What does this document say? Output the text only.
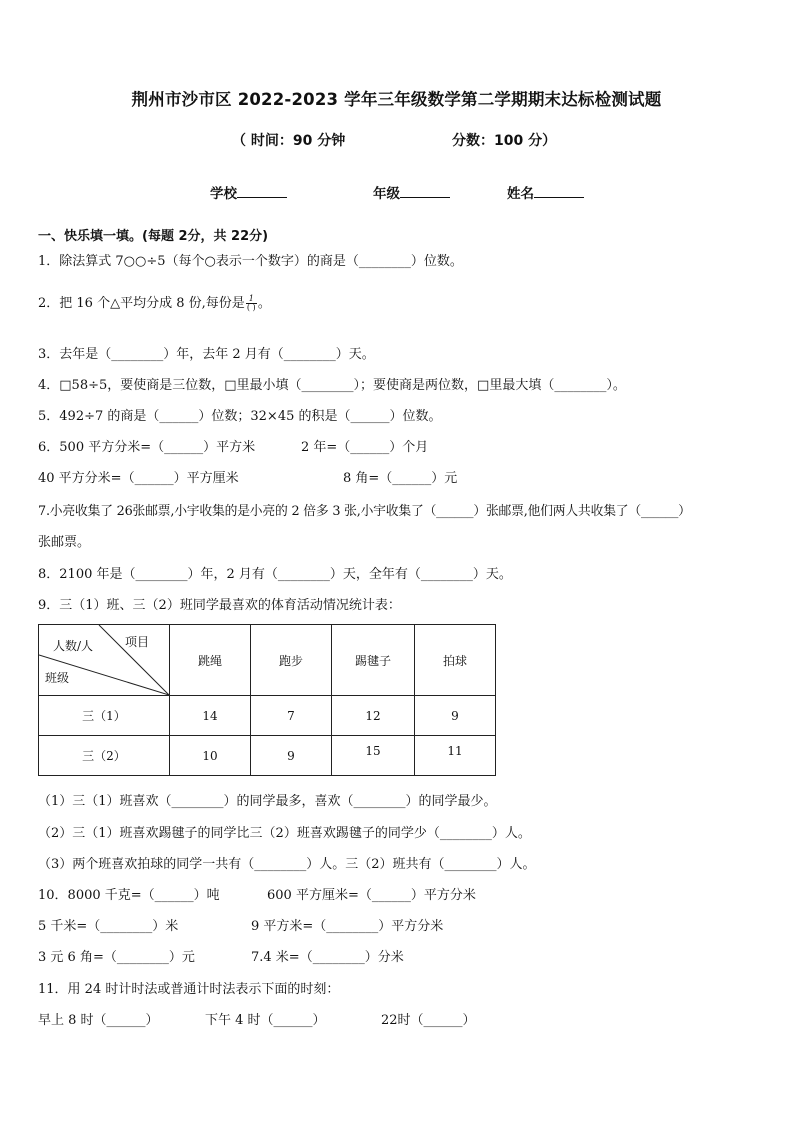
荆州市沙市区 2022-2023 学年三年级数学第二学期期末达标检测试题
（ 时间：90 分钟	分数：100 分）
学校	年级	姓名
一、快乐填一填。(每题 2分，共 22分)
1．除法算式 7○○÷5（每个○表示一个数字）的商是（________）位数。
2．把 16 个△平均分成 8 份,每份是 $\frac{1}{( )}$ 。
3．去年是（________）年，去年 2 月有（________）天。
4．□58÷5，要使商是三位数，□里最小填（________）；要使商是两位数，□里最大填（________）。
5．492÷7 的商是（______）位数；32×45 的积是（______）位数。
6．500 平方分米=（______）平方米	2 年=（______）个月
40 平方分米=（______）平方厘米	8 角=（______）元
7.小亮收集了 26张邮票,小宇收集的是小亮的 2 倍多 3 张,小宇收集了（______）张邮票,他们两人共收集了（______）
张邮票。
8．2100 年是（________）年，2 月有（________）天，全年有（________）天。
9．三（1）班、三（2）班同学最喜欢的体育活动情况统计表：
项目
人数/人
班级	跳绳	跑步	踢毽子	拍球
三（1）	14	7	12	9
三（2）	10	9	15	11
（1）三（1）班喜欢（________）的同学最多，喜欢（________）的同学最少。
（2）三（1）班喜欢踢毽子的同学比三（2）班喜欢踢毽子的同学少（________）人。
（3）两个班喜欢拍球的同学一共有（________）人。三（2）班共有（________）人。
10．8000 千克=（______）吨	600 平方厘米=（______）平方分米
5 千米=（________）米	9 平方米=（________）平方分米
3 元 6 角=（________）元	7.4 米=（________）分米
11．用 24 时计时法或普通计时法表示下面的时刻：
早上 8 时（______）	下午 4 时（______）	22时（______）
